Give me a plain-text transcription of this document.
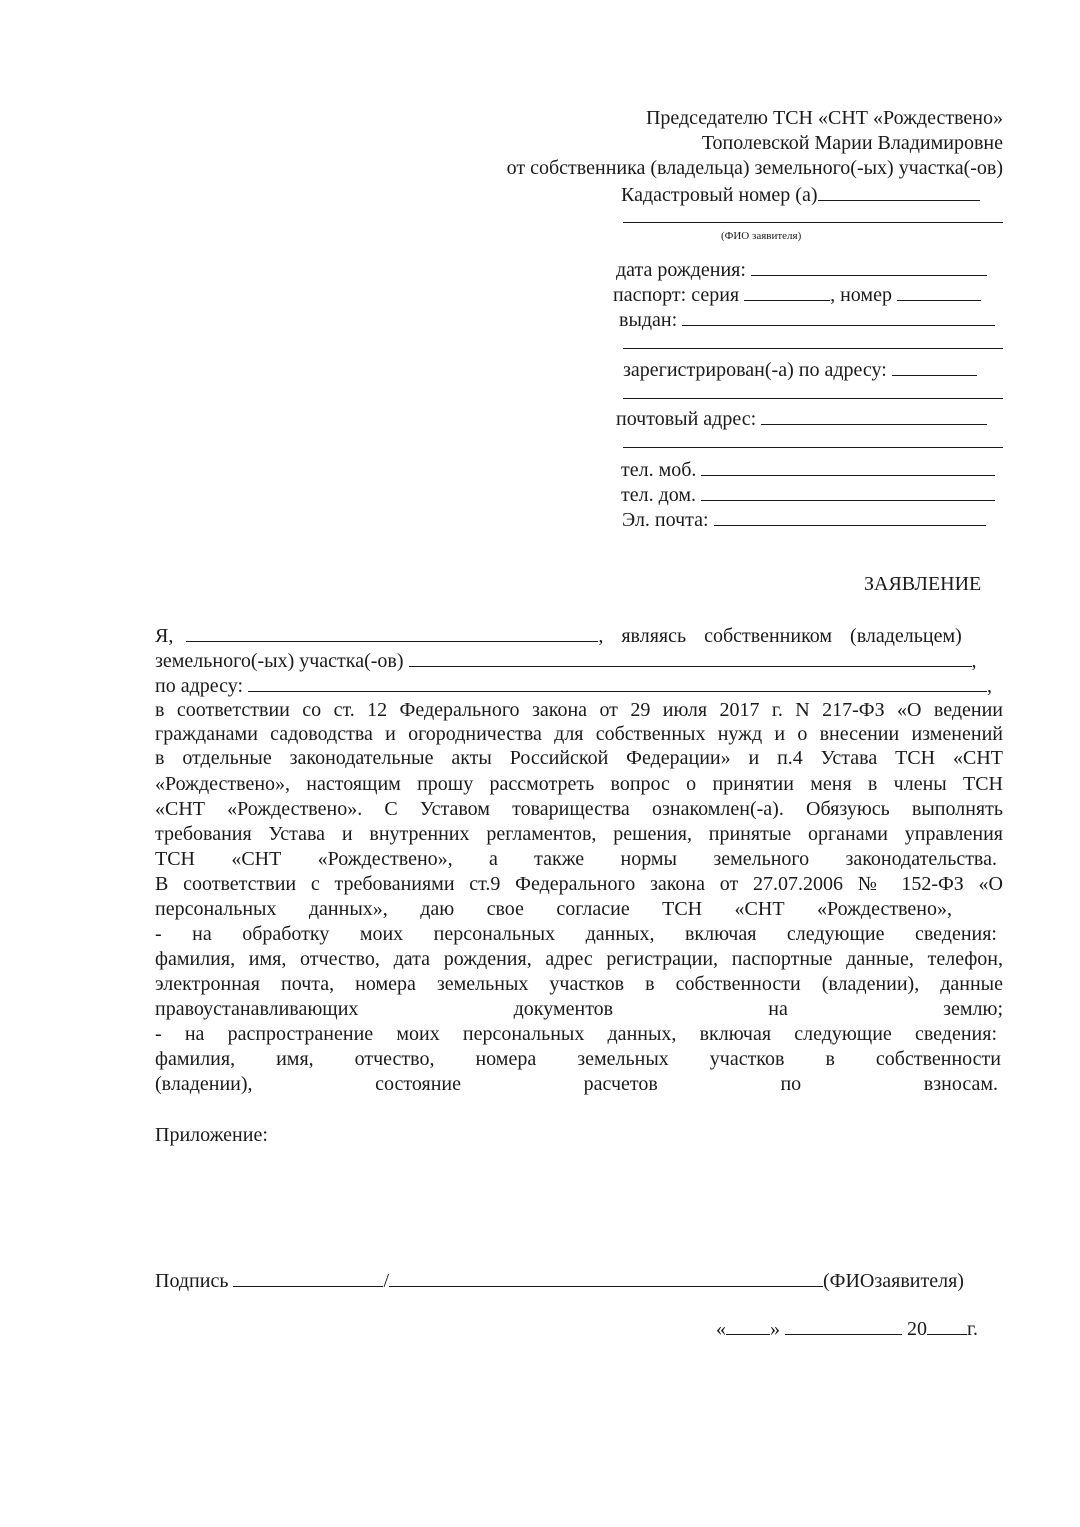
Председателю ТСН «СНТ «Рождествено»
Тополевской Марии Владимировне
от собственника (владельца) земельного(-ых) участка(-ов)
Кадастровый номер (а)
(ФИО заявителя)
дата рождения:
паспорт: серия	, номер
выдан:
зарегистрирован(-а) по адресу:
почтовый адрес:
тел. моб.
тел. дом.
Эл. почта:
ЗАЯВЛЕНИЕ
Я,	, являясь собственником (владельцем)
земельного(-ых) участка(-ов)	,
по адресу:	,
в соответствии со ст. 12 Федерального закона от 29 июля 2017 г. N 217-ФЗ «О ведении
гражданами садоводства и огородничества для собственных нужд и о внесении изменений
в отдельные законодательные акты Российской Федерации» и п.4 Устава ТСН «СНТ
«Рождествено», настоящим прошу рассмотреть вопрос о принятии меня в члены ТСН
«СНТ «Рождествено». С Уставом товарищества ознакомлен(-а). Обязуюсь выполнять
требования Устава и внутренних регламентов, решения, принятые органами управления
ТСН «СНТ «Рождествено», а также нормы земельного законодательства.
В соответствии с требованиями ст.9 Федерального закона от 27.07.2006 № 152-ФЗ «О
персональных данных», даю свое согласие ТСН «СНТ «Рождествено»,
- на обработку моих персональных данных, включая следующие сведения:
фамилия, имя, отчество, дата рождения, адрес регистрации, паспортные данные, телефон,
электронная почта, номера земельных участков в собственности (владении), данные
правоустанавливающих документов на землю;
- на распространение моих персональных данных, включая следующие сведения:
фамилия, имя, отчество, номера земельных участков в собственности
(владении), состояние расчетов по взносам.
Приложение:
Подпись	/	(ФИОзаявителя)
« »	20 г.
